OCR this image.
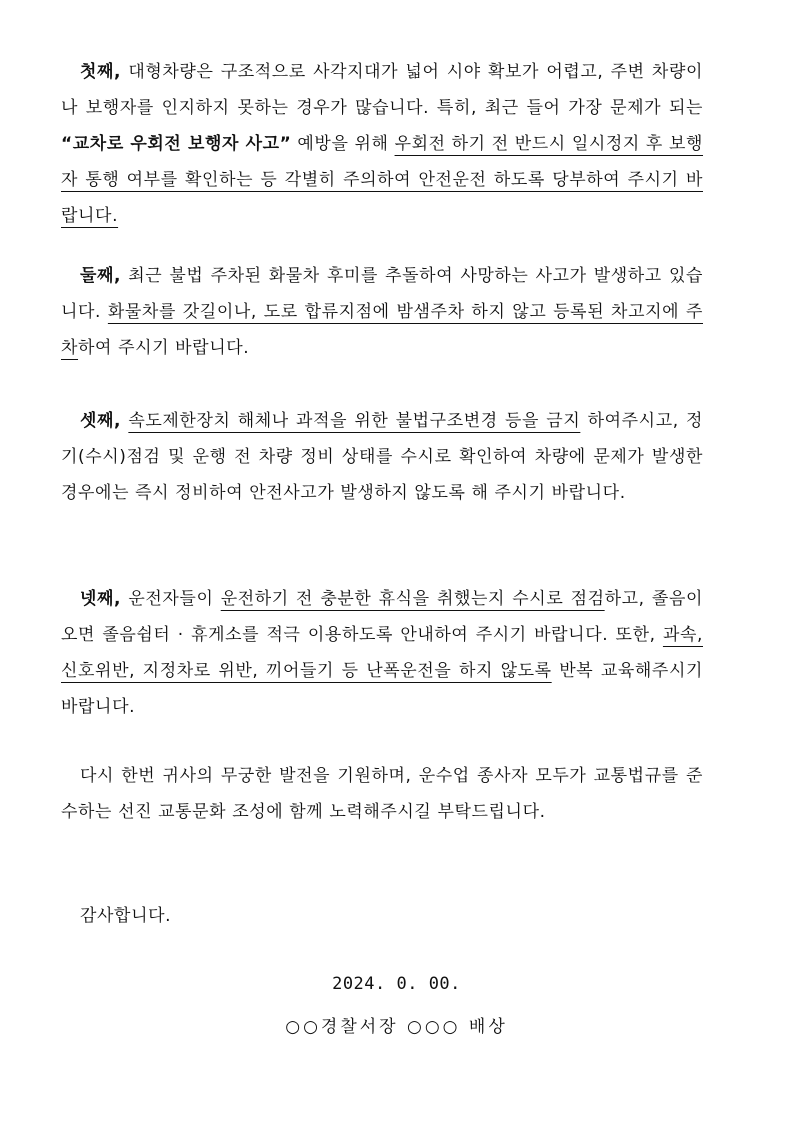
첫째, 대형차량은 구조적으로 사각지대가 넓어 시야 확보가 어렵고, 주변 차량이나 보행자를 인지하지 못하는 경우가 많습니다. 특히, 최근 들어 가장 문제가 되는 “교차로 우회전 보행자 사고” 예방을 위해 우회전 하기 전 반드시 일시정지 후 보행자 통행 여부를 확인하는 등 각별히 주의하여 안전운전 하도록 당부하여 주시기 바랍니다.
둘째, 최근 불법 주차된 화물차 후미를 추돌하여 사망하는 사고가 발생하고 있습니다. 화물차를 갓길이나, 도로 합류지점에 밤샘주차 하지 않고 등록된 차고지에 주차하여 주시기 바랍니다.
셋째, 속도제한장치 해체나 과적을 위한 불법구조변경 등을 금지 하여주시고, 정기(수시)점검 및 운행 전 차량 정비 상태를 수시로 확인하여 차량에 문제가 발생한 경우에는 즉시 정비하여 안전사고가 발생하지 않도록 해 주시기 바랍니다.
넷째, 운전자들이 운전하기 전 충분한 휴식을 취했는지 수시로 점검하고, 졸음이 오면 졸음쉼터 · 휴게소를 적극 이용하도록 안내하여 주시기 바랍니다. 또한, 과속, 신호위반, 지정차로 위반, 끼어들기 등 난폭운전을 하지 않도록 반복 교육해주시기 바랍니다.
다시 한번 귀사의 무궁한 발전을 기원하며, 운수업 종사자 모두가 교통법규를 준수하는 선진 교통문화 조성에 함께 노력해주시길 부탁드립니다.
감사합니다.
2024. 0. 00.
○○경찰서장 ○○○ 배상
